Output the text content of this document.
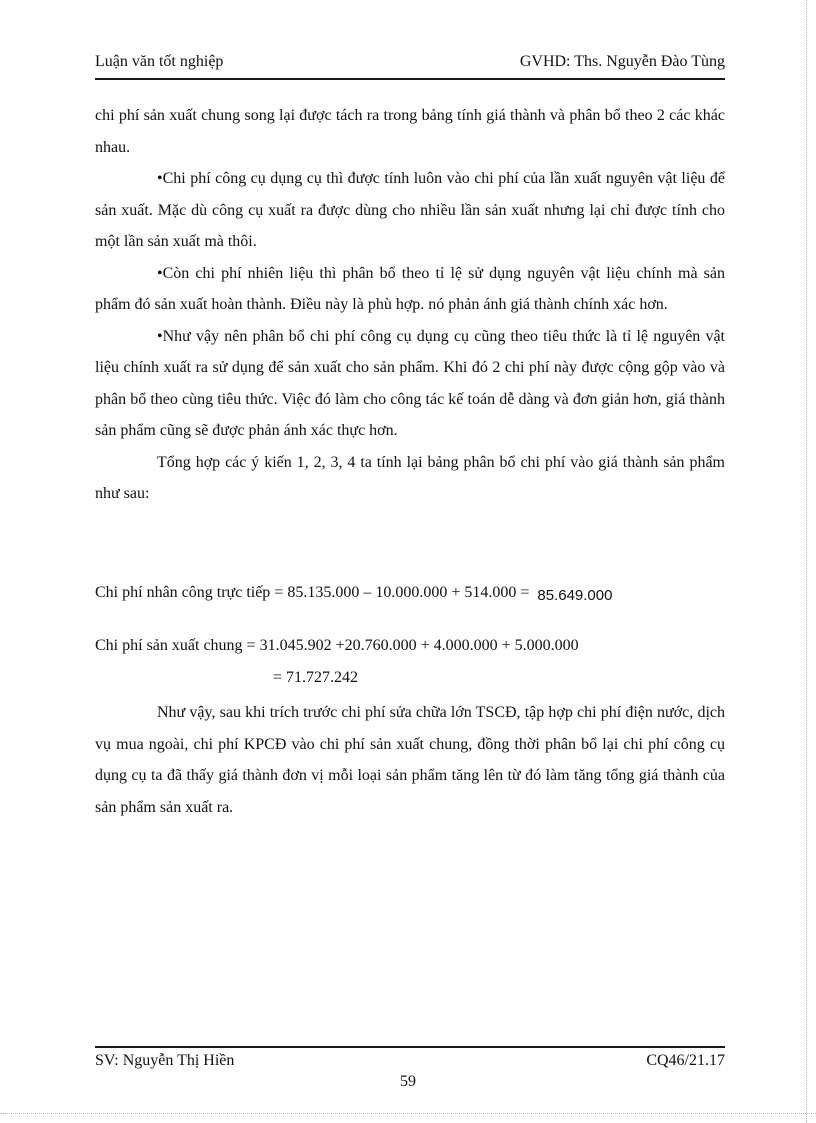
Luận văn tốt nghiệp	GVHD: Ths. Nguyễn Đào Tùng

chi phí sản xuất chung song lại được tách ra trong bảng tính giá thành và phân bổ theo 2 các khác nhau.

•Chi phí công cụ dụng cụ thì được tính luôn vào chi phí của lần xuất nguyên vật liệu để sản xuất. Mặc dù công cụ xuất ra được dùng cho nhiều lần sản xuất nhưng lại chỉ được tính cho một lần sản xuất mà thôi.

•Còn chi phí nhiên liệu thì phân bổ theo tỉ lệ sử dụng nguyên vật liệu chính mà sản phẩm đó sản xuất hoàn thành. Điều này là phù hợp. nó phản ánh giá thành chính xác hơn.

•Như vậy nên phân bổ chi phí công cụ dụng cụ cũng theo tiêu thức là tỉ lệ nguyên vật liệu chính xuất ra sử dụng để sản xuất cho sản phẩm. Khi đó 2 chi phí này được cộng gộp vào và phân bổ theo cùng tiêu thức. Việc đó làm cho công tác kế toán dễ dàng và đơn giản hơn, giá thành sản phẩm cũng sẽ được phản ánh xác thực hơn.

Tổng hợp các ý kiến 1, 2, 3, 4 ta tính lại bảng phân bổ chi phí vào giá thành sản phẩm như sau:

Chi phí nhân công trực tiếp = 85.135.000 – 10.000.000 + 514.000 = 85.649.000
Chi phí sản xuất chung = 31.045.902 +20.760.000 + 4.000.000 + 5.000.000
= 71.727.242

Như vậy, sau khi trích trước chi phí sửa chữa lớn TSCĐ, tập hợp chi phí điện nước, dịch vụ mua ngoài, chi phí KPCĐ vào chi phí sản xuất chung, đồng thời phân bổ lại chi phí công cụ dụng cụ ta đã thấy giá thành đơn vị mỗi loại sản phẩm tăng lên từ đó làm tăng tổng giá thành của sản phẩm sản xuất ra.

SV: Nguyễn Thị Hiền	CQ46/21.17
59
